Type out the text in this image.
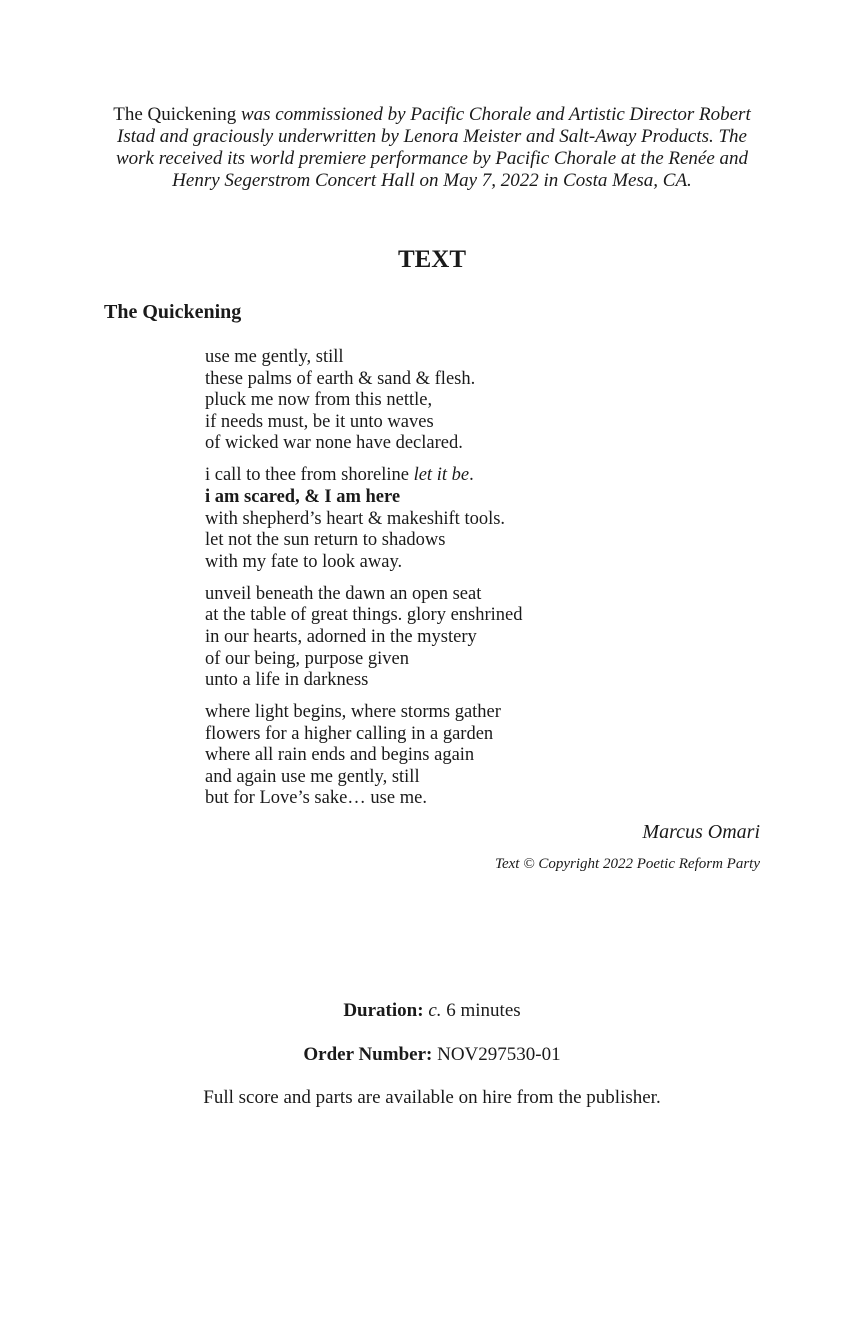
The Quickening was commissioned by Pacific Chorale and Artistic Director Robert Istad and graciously underwritten by Lenora Meister and Salt-Away Products. The work received its world premiere performance by Pacific Chorale at the Renée and Henry Segerstrom Concert Hall on May 7, 2022 in Costa Mesa, CA.
TEXT
The Quickening
use me gently, still
these palms of earth & sand & flesh.
pluck me now from this nettle,
if needs must, be it unto waves
of wicked war none have declared.
i call to thee from shoreline let it be.
i am scared, & I am here
with shepherd’s heart & makeshift tools.
let not the sun return to shadows
with my fate to look away.
unveil beneath the dawn an open seat
at the table of great things. glory enshrined
in our hearts, adorned in the mystery
of our being, purpose given
unto a life in darkness
where light begins, where storms gather
flowers for a higher calling in a garden
where all rain ends and begins again
and again use me gently, still
but for Love’s sake… use me.
Marcus Omari
Text © Copyright 2022 Poetic Reform Party
Duration: c. 6 minutes
Order Number: NOV297530-01
Full score and parts are available on hire from the publisher.
